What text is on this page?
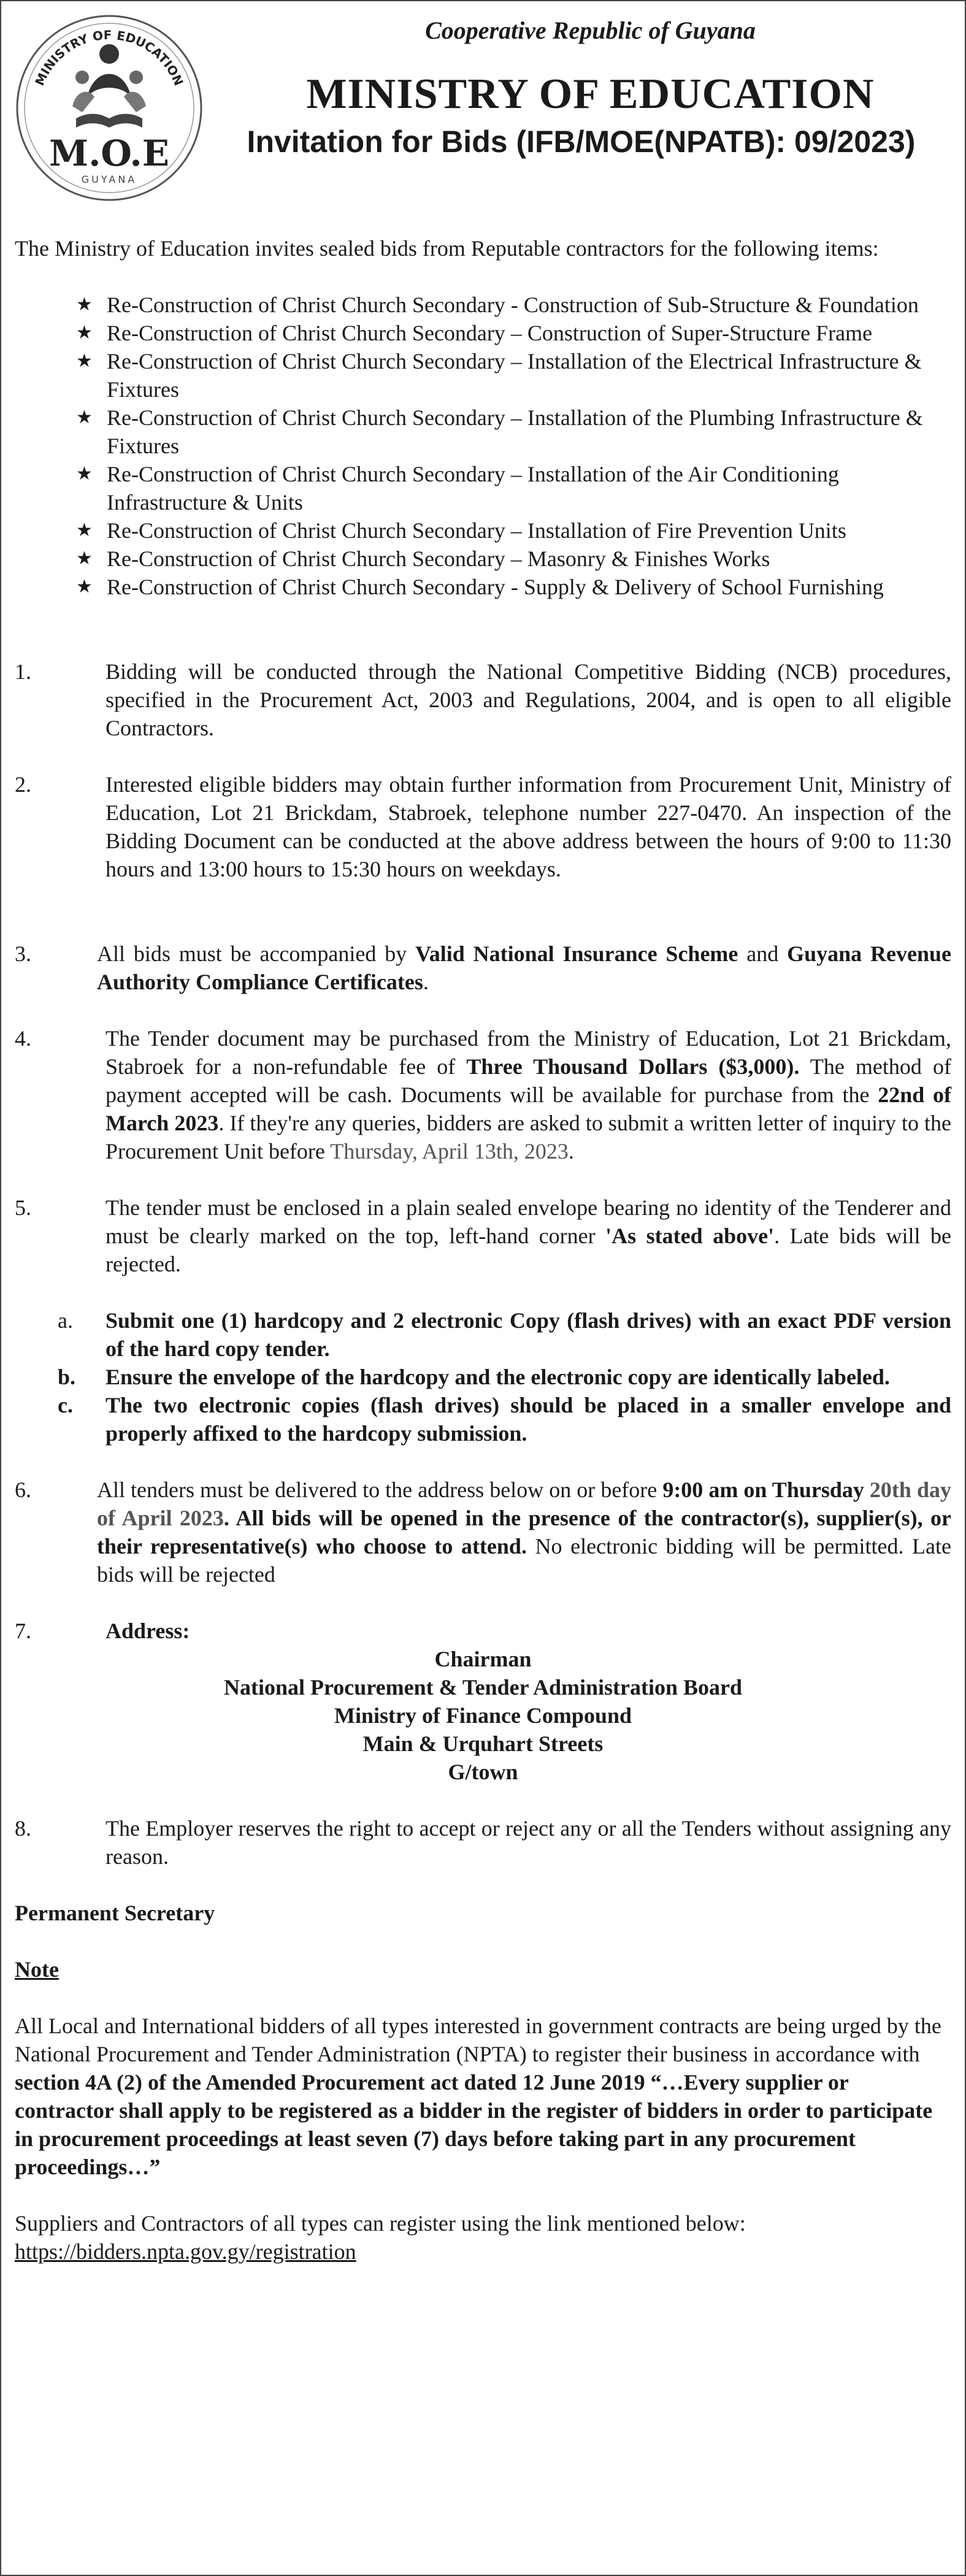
MINISTRY OF EDUCATION
M.O.E
GUYANA
Cooperative Republic of Guyana
MINISTRY OF EDUCATION
Invitation for Bids (IFB/MOE(NPATB): 09/2023)

The Ministry of Education invites sealed bids from Reputable contractors for the following items:

★ Re-Construction of Christ Church Secondary - Construction of Sub-Structure & Foundation
★ Re-Construction of Christ Church Secondary – Construction of Super-Structure Frame
★ Re-Construction of Christ Church Secondary – Installation of the Electrical Infrastructure & Fixtures
★ Re-Construction of Christ Church Secondary – Installation of the Plumbing Infrastructure & Fixtures
★ Re-Construction of Christ Church Secondary – Installation of the Air Conditioning Infrastructure & Units
★ Re-Construction of Christ Church Secondary – Installation of Fire Prevention Units
★ Re-Construction of Christ Church Secondary – Masonry & Finishes Works
★ Re-Construction of Christ Church Secondary - Supply & Delivery of School Furnishing
1.	Bidding will be conducted through the National Competitive Bidding (NCB) procedures, specified in the Procurement Act, 2003 and Regulations, 2004, and is open to all eligible Contractors.
2.	Interested eligible bidders may obtain further information from Procurement Unit, Ministry of Education, Lot 21 Brickdam, Stabroek, telephone number 227-0470. An inspection of the Bidding Document can be conducted at the above address between the hours of 9:00 to 11:30 hours and 13:00 hours to 15:30 hours on weekdays.
3.	All bids must be accompanied by Valid National Insurance Scheme and Guyana Revenue Authority Compliance Certificates.
4.	The Tender document may be purchased from the Ministry of Education, Lot 21 Brickdam, Stabroek for a non-refundable fee of Three Thousand Dollars ($3,000). The method of payment accepted will be cash. Documents will be available for purchase from the 22nd of March 2023. If they're any queries, bidders are asked to submit a written letter of inquiry to the Procurement Unit before Thursday, April 13th, 2023.
5.	The tender must be enclosed in a plain sealed envelope bearing no identity of the Tenderer and must be clearly marked on the top, left-hand corner 'As stated above'. Late bids will be rejected.
a.	Submit one (1) hardcopy and 2 electronic Copy (flash drives) with an exact PDF version of the hard copy tender.
b.	Ensure the envelope of the hardcopy and the electronic copy are identically labeled.
c.	The two electronic copies (flash drives) should be placed in a smaller envelope and properly affixed to the hardcopy submission.
6.	All tenders must be delivered to the address below on or before 9:00 am on Thursday 20th day of April 2023. All bids will be opened in the presence of the contractor(s), supplier(s), or their representative(s) who choose to attend. No electronic bidding will be permitted. Late bids will be rejected
7.	Address:
Chairman
National Procurement & Tender Administration Board
Ministry of Finance Compound
Main & Urquhart Streets
G/town
8.	The Employer reserves the right to accept or reject any or all the Tenders without assigning any reason.
Permanent Secretary
Note

All Local and International bidders of all types interested in government contracts are being urged by the National Procurement and Tender Administration (NPTA) to register their business in accordance with section 4A (2) of the Amended Procurement act dated 12 June 2019 “…Every supplier or contractor shall apply to be registered as a bidder in the register of bidders in order to participate in procurement proceedings at least seven (7) days before taking part in any procurement proceedings…”

Suppliers and Contractors of all types can register using the link mentioned below:
https://bidders.npta.gov.gy/registration
